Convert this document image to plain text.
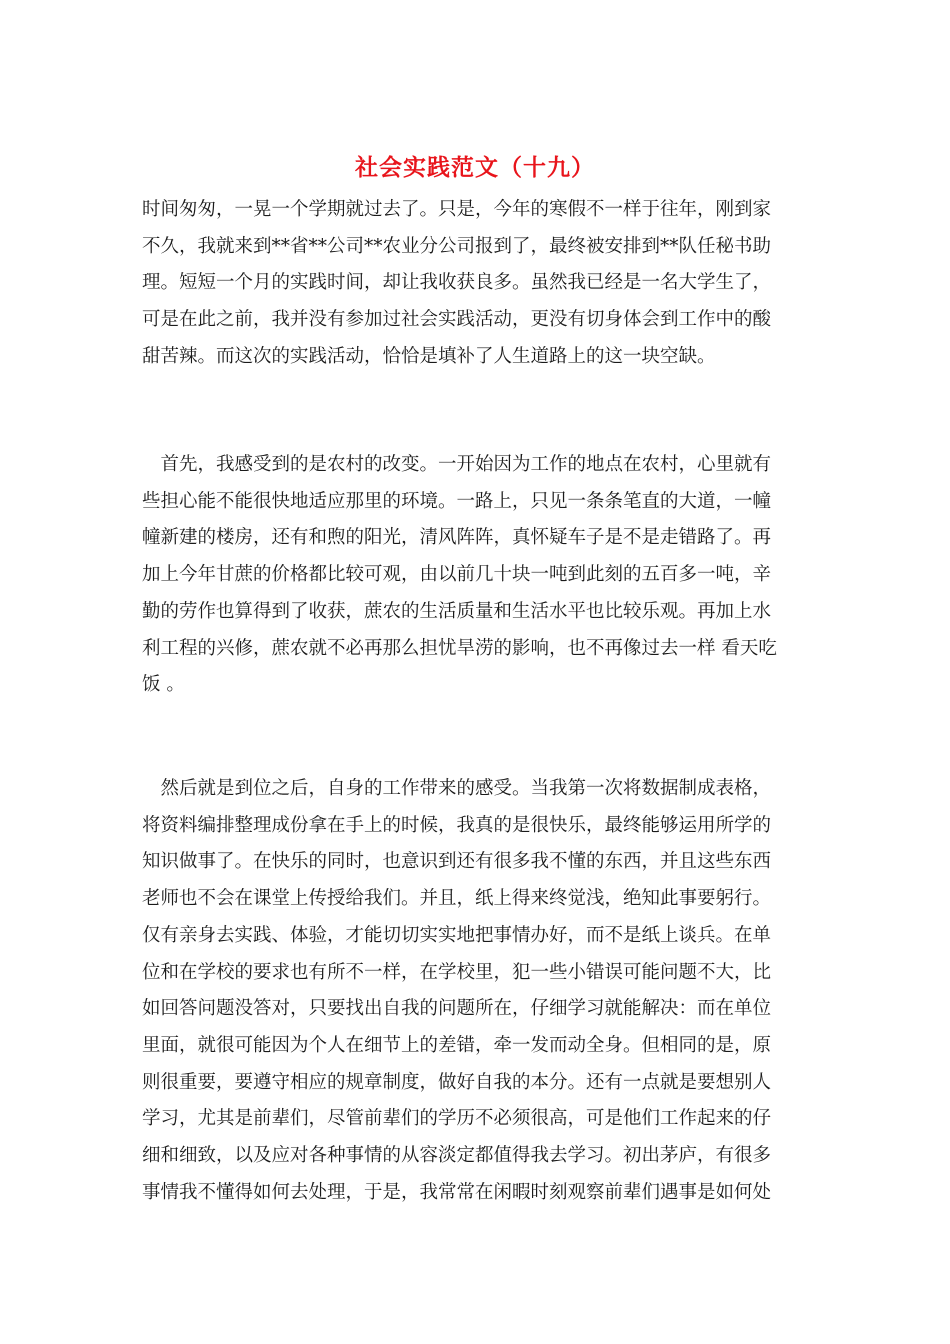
社会实践范文（十九）
时间匆匆，一晃一个学期就过去了。只是，今年的寒假不一样于往年，刚到家
不久，我就来到**省**公司**农业分公司报到了，最终被安排到**队任秘书助
理。短短一个月的实践时间，却让我收获良多。虽然我已经是一名大学生了，
可是在此之前，我并没有参加过社会实践活动，更没有切身体会到工作中的酸
甜苦辣。而这次的实践活动，恰恰是填补了人生道路上的这一块空缺。
　首先，我感受到的是农村的改变。一开始因为工作的地点在农村，心里就有
些担心能不能很快地适应那里的环境。一路上，只见一条条笔直的大道，一幢
幢新建的楼房，还有和煦的阳光，清风阵阵，真怀疑车子是不是走错路了。再
加上今年甘蔗的价格都比较可观，由以前几十块一吨到此刻的五百多一吨，辛
勤的劳作也算得到了收获，蔗农的生活质量和生活水平也比较乐观。再加上水
利工程的兴修，蔗农就不必再那么担忧旱涝的影响，也不再像过去一样 看天吃
饭 。
　然后就是到位之后，自身的工作带来的感受。当我第一次将数据制成表格，
将资料编排整理成份拿在手上的时候，我真的是很快乐，最终能够运用所学的
知识做事了。在快乐的同时，也意识到还有很多我不懂的东西，并且这些东西
老师也不会在课堂上传授给我们。并且，纸上得来终觉浅，绝知此事要躬行。
仅有亲身去实践、体验，才能切切实实地把事情办好，而不是纸上谈兵。在单
位和在学校的要求也有所不一样，在学校里，犯一些小错误可能问题不大，比
如回答问题没答对，只要找出自我的问题所在，仔细学习就能解决：而在单位
里面，就很可能因为个人在细节上的差错，牵一发而动全身。但相同的是，原
则很重要，要遵守相应的规章制度，做好自我的本分。还有一点就是要想别人
学习，尤其是前辈们，尽管前辈们的学历不必须很高，可是他们工作起来的仔
细和细致，以及应对各种事情的从容淡定都值得我去学习。初出茅庐，有很多
事情我不懂得如何去处理，于是，我常常在闲暇时刻观察前辈们遇事是如何处
